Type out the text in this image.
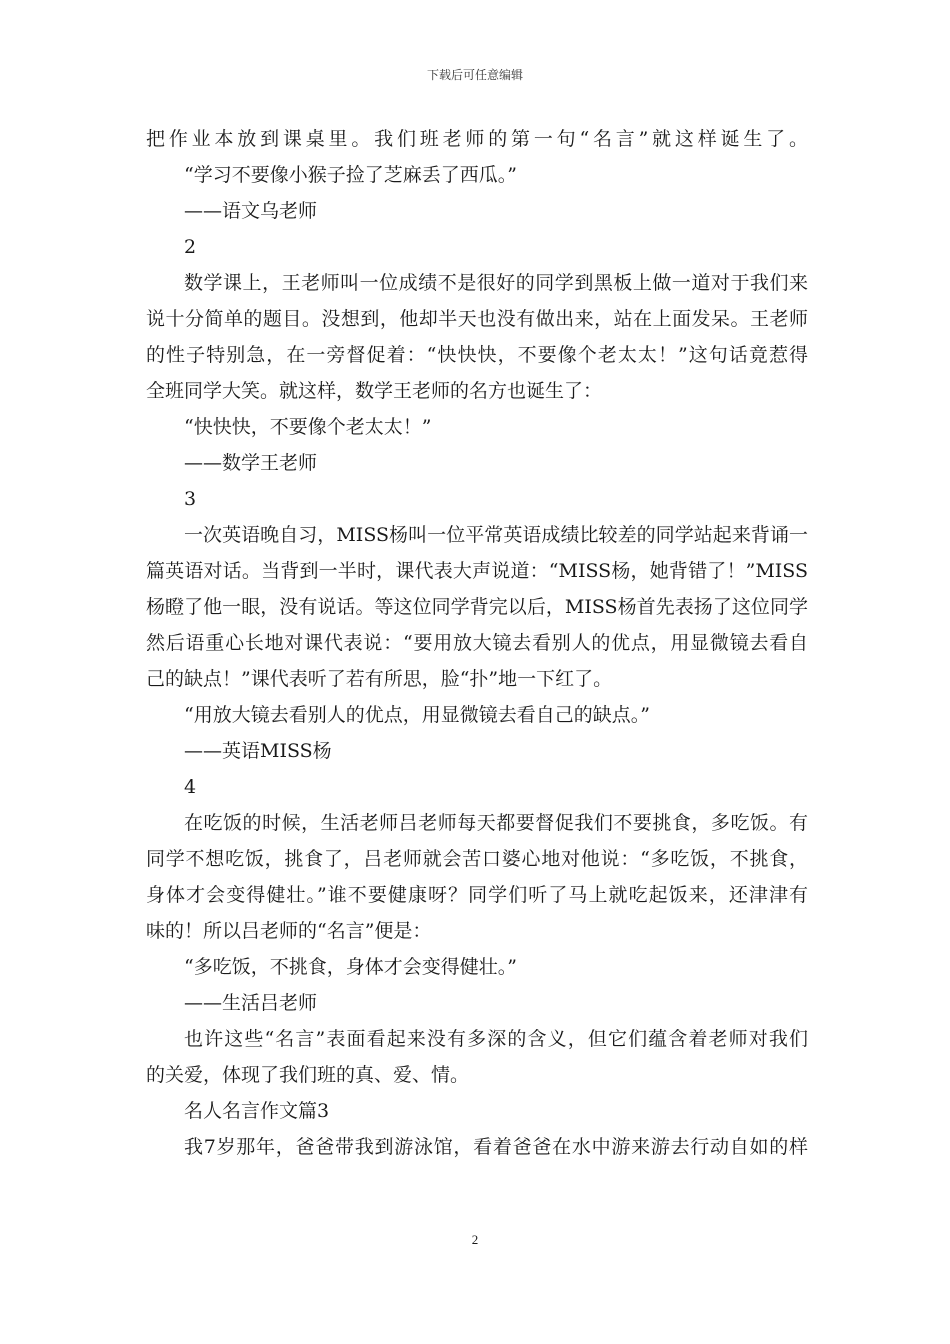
下载后可任意编辑
把作业本放到课桌里。我们班老师的第一句“名言”就这样诞生了。
“学习不要像小猴子捡了芝麻丢了西瓜。”
——语文乌老师
2
数学课上，王老师叫一位成绩不是很好的同学到黑板上做一道对于我们来
说十分简单的题目。没想到，他却半天也没有做出来，站在上面发呆。王老师
的性子特别急，在一旁督促着：“快快快，不要像个老太太！”这句话竟惹得
全班同学大笑。就这样，数学王老师的名方也诞生了：
“快快快，不要像个老太太！”
——数学王老师
3
一次英语晚自习，MISS杨叫一位平常英语成绩比较差的同学站起来背诵一
篇英语对话。当背到一半时，课代表大声说道：“MISS杨，她背错了！”MISS
杨瞪了他一眼，没有说话。等这位同学背完以后，MISS杨首先表扬了这位同学
然后语重心长地对课代表说：“要用放大镜去看别人的优点，用显微镜去看自
己的缺点！”课代表听了若有所思，脸“扑”地一下红了。
“用放大镜去看别人的优点，用显微镜去看自己的缺点。”
——英语MISS杨
4
在吃饭的时候，生活老师吕老师每天都要督促我们不要挑食，多吃饭。有
同学不想吃饭，挑食了，吕老师就会苦口婆心地对他说：“多吃饭，不挑食，
身体才会变得健壮。”谁不要健康呀？同学们听了马上就吃起饭来，还津津有
味的！所以吕老师的“名言”便是：
“多吃饭，不挑食，身体才会变得健壮。”
——生活吕老师
也许这些“名言”表面看起来没有多深的含义，但它们蕴含着老师对我们
的关爱，体现了我们班的真、爱、情。
名人名言作文篇3
我7岁那年，爸爸带我到游泳馆，看着爸爸在水中游来游去行动自如的样
2
